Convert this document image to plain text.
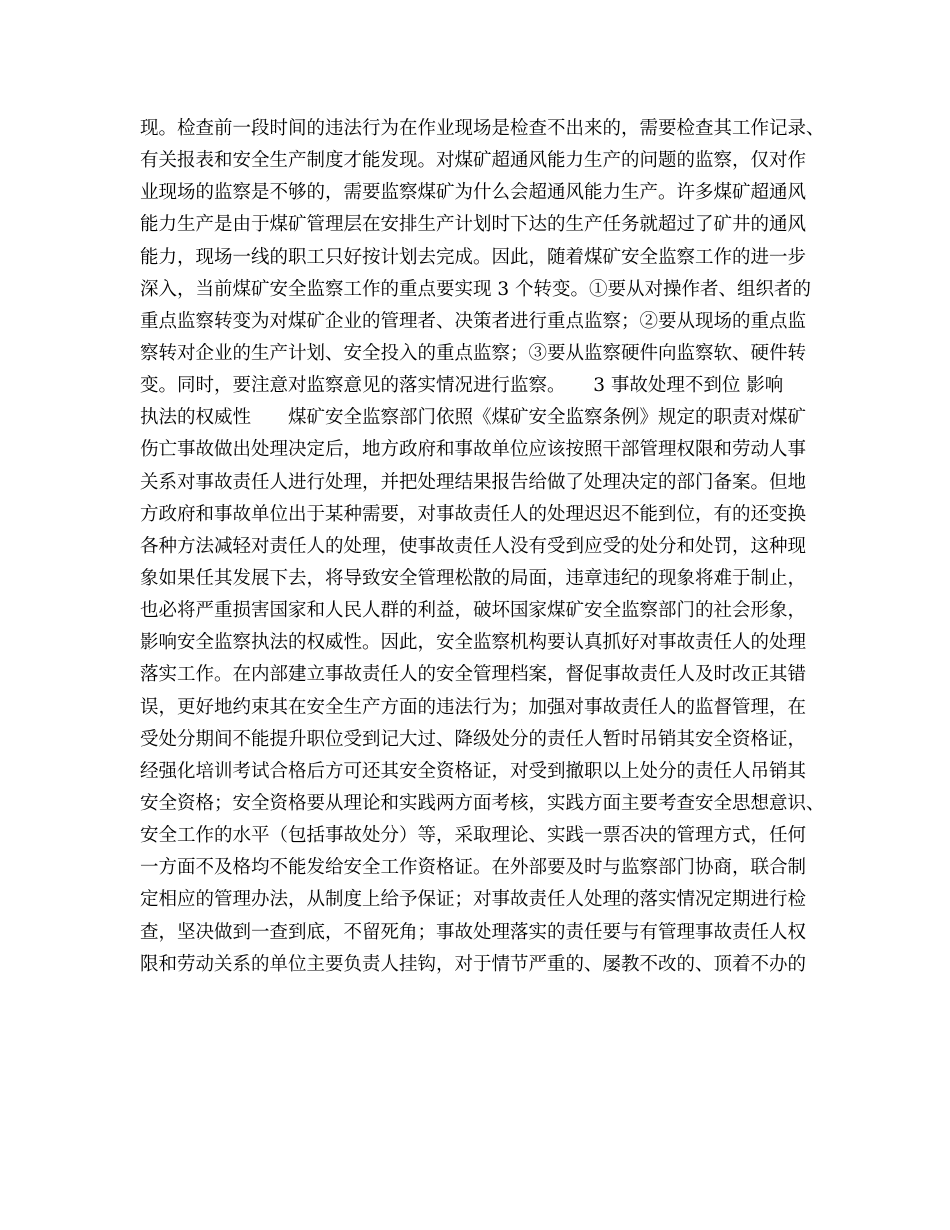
现。检查前一段时间的违法行为在作业现场是检查不出来的，需要检查其工作记录、
有关报表和安全生产制度才能发现。对煤矿超通风能力生产的问题的监察，仅对作
业现场的监察是不够的，需要监察煤矿为什么会超通风能力生产。许多煤矿超通风
能力生产是由于煤矿管理层在安排生产计划时下达的生产任务就超过了矿井的通风
能力，现场一线的职工只好按计划去完成。因此，随着煤矿安全监察工作的进一步
深入，当前煤矿安全监察工作的重点要实现 3 个转变。①要从对操作者、组织者的
重点监察转变为对煤矿企业的管理者、决策者进行重点监察；②要从现场的重点监
察转对企业的生产计划、安全投入的重点监察；③要从监察硬件向监察软、硬件转
变。同时，要注意对监察意见的落实情况进行监察。　　3 事故处理不到位 影响
执法的权威性　　煤矿安全监察部门依照《煤矿安全监察条例》规定的职责对煤矿
伤亡事故做出处理决定后，地方政府和事故单位应该按照干部管理权限和劳动人事
关系对事故责任人进行处理，并把处理结果报告给做了处理决定的部门备案。但地
方政府和事故单位出于某种需要，对事故责任人的处理迟迟不能到位，有的还变换
各种方法减轻对责任人的处理，使事故责任人没有受到应受的处分和处罚，这种现
象如果任其发展下去，将导致安全管理松散的局面，违章违纪的现象将难于制止，
也必将严重损害国家和人民人群的利益，破坏国家煤矿安全监察部门的社会形象，
影响安全监察执法的权威性。因此，安全监察机构要认真抓好对事故责任人的处理
落实工作。在内部建立事故责任人的安全管理档案，督促事故责任人及时改正其错
误，更好地约束其在安全生产方面的违法行为；加强对事故责任人的监督管理，在
受处分期间不能提升职位受到记大过、降级处分的责任人暂时吊销其安全资格证，
经强化培训考试合格后方可还其安全资格证，对受到撤职以上处分的责任人吊销其
安全资格；安全资格要从理论和实践两方面考核，实践方面主要考查安全思想意识、
安全工作的水平（包括事故处分）等，采取理论、实践一票否决的管理方式，任何
一方面不及格均不能发给安全工作资格证。在外部要及时与监察部门协商，联合制
定相应的管理办法，从制度上给予保证；对事故责任人处理的落实情况定期进行检
查，坚决做到一查到底，不留死角；事故处理落实的责任要与有管理事故责任人权
限和劳动关系的单位主要负责人挂钩，对于情节严重的、屡教不改的、顶着不办的
